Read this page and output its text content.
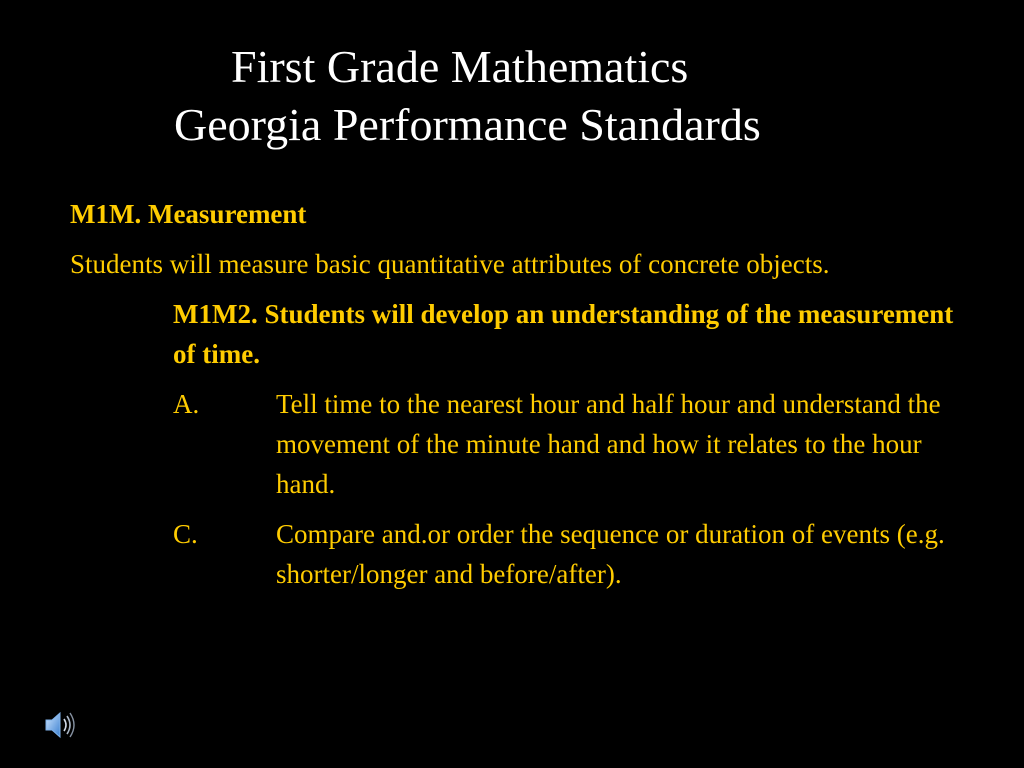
First Grade Mathematics
Georgia Performance Standards
M1M. Measurement
Students will measure basic quantitative attributes of concrete objects.
M1M2. Students will develop an understanding of the measurement of time.
A.	Tell time to the nearest hour and half hour and understand the movement of the minute hand and how it relates to the hour hand.
C.	Compare and.or order the sequence or duration of events (e.g. shorter/longer and before/after).
